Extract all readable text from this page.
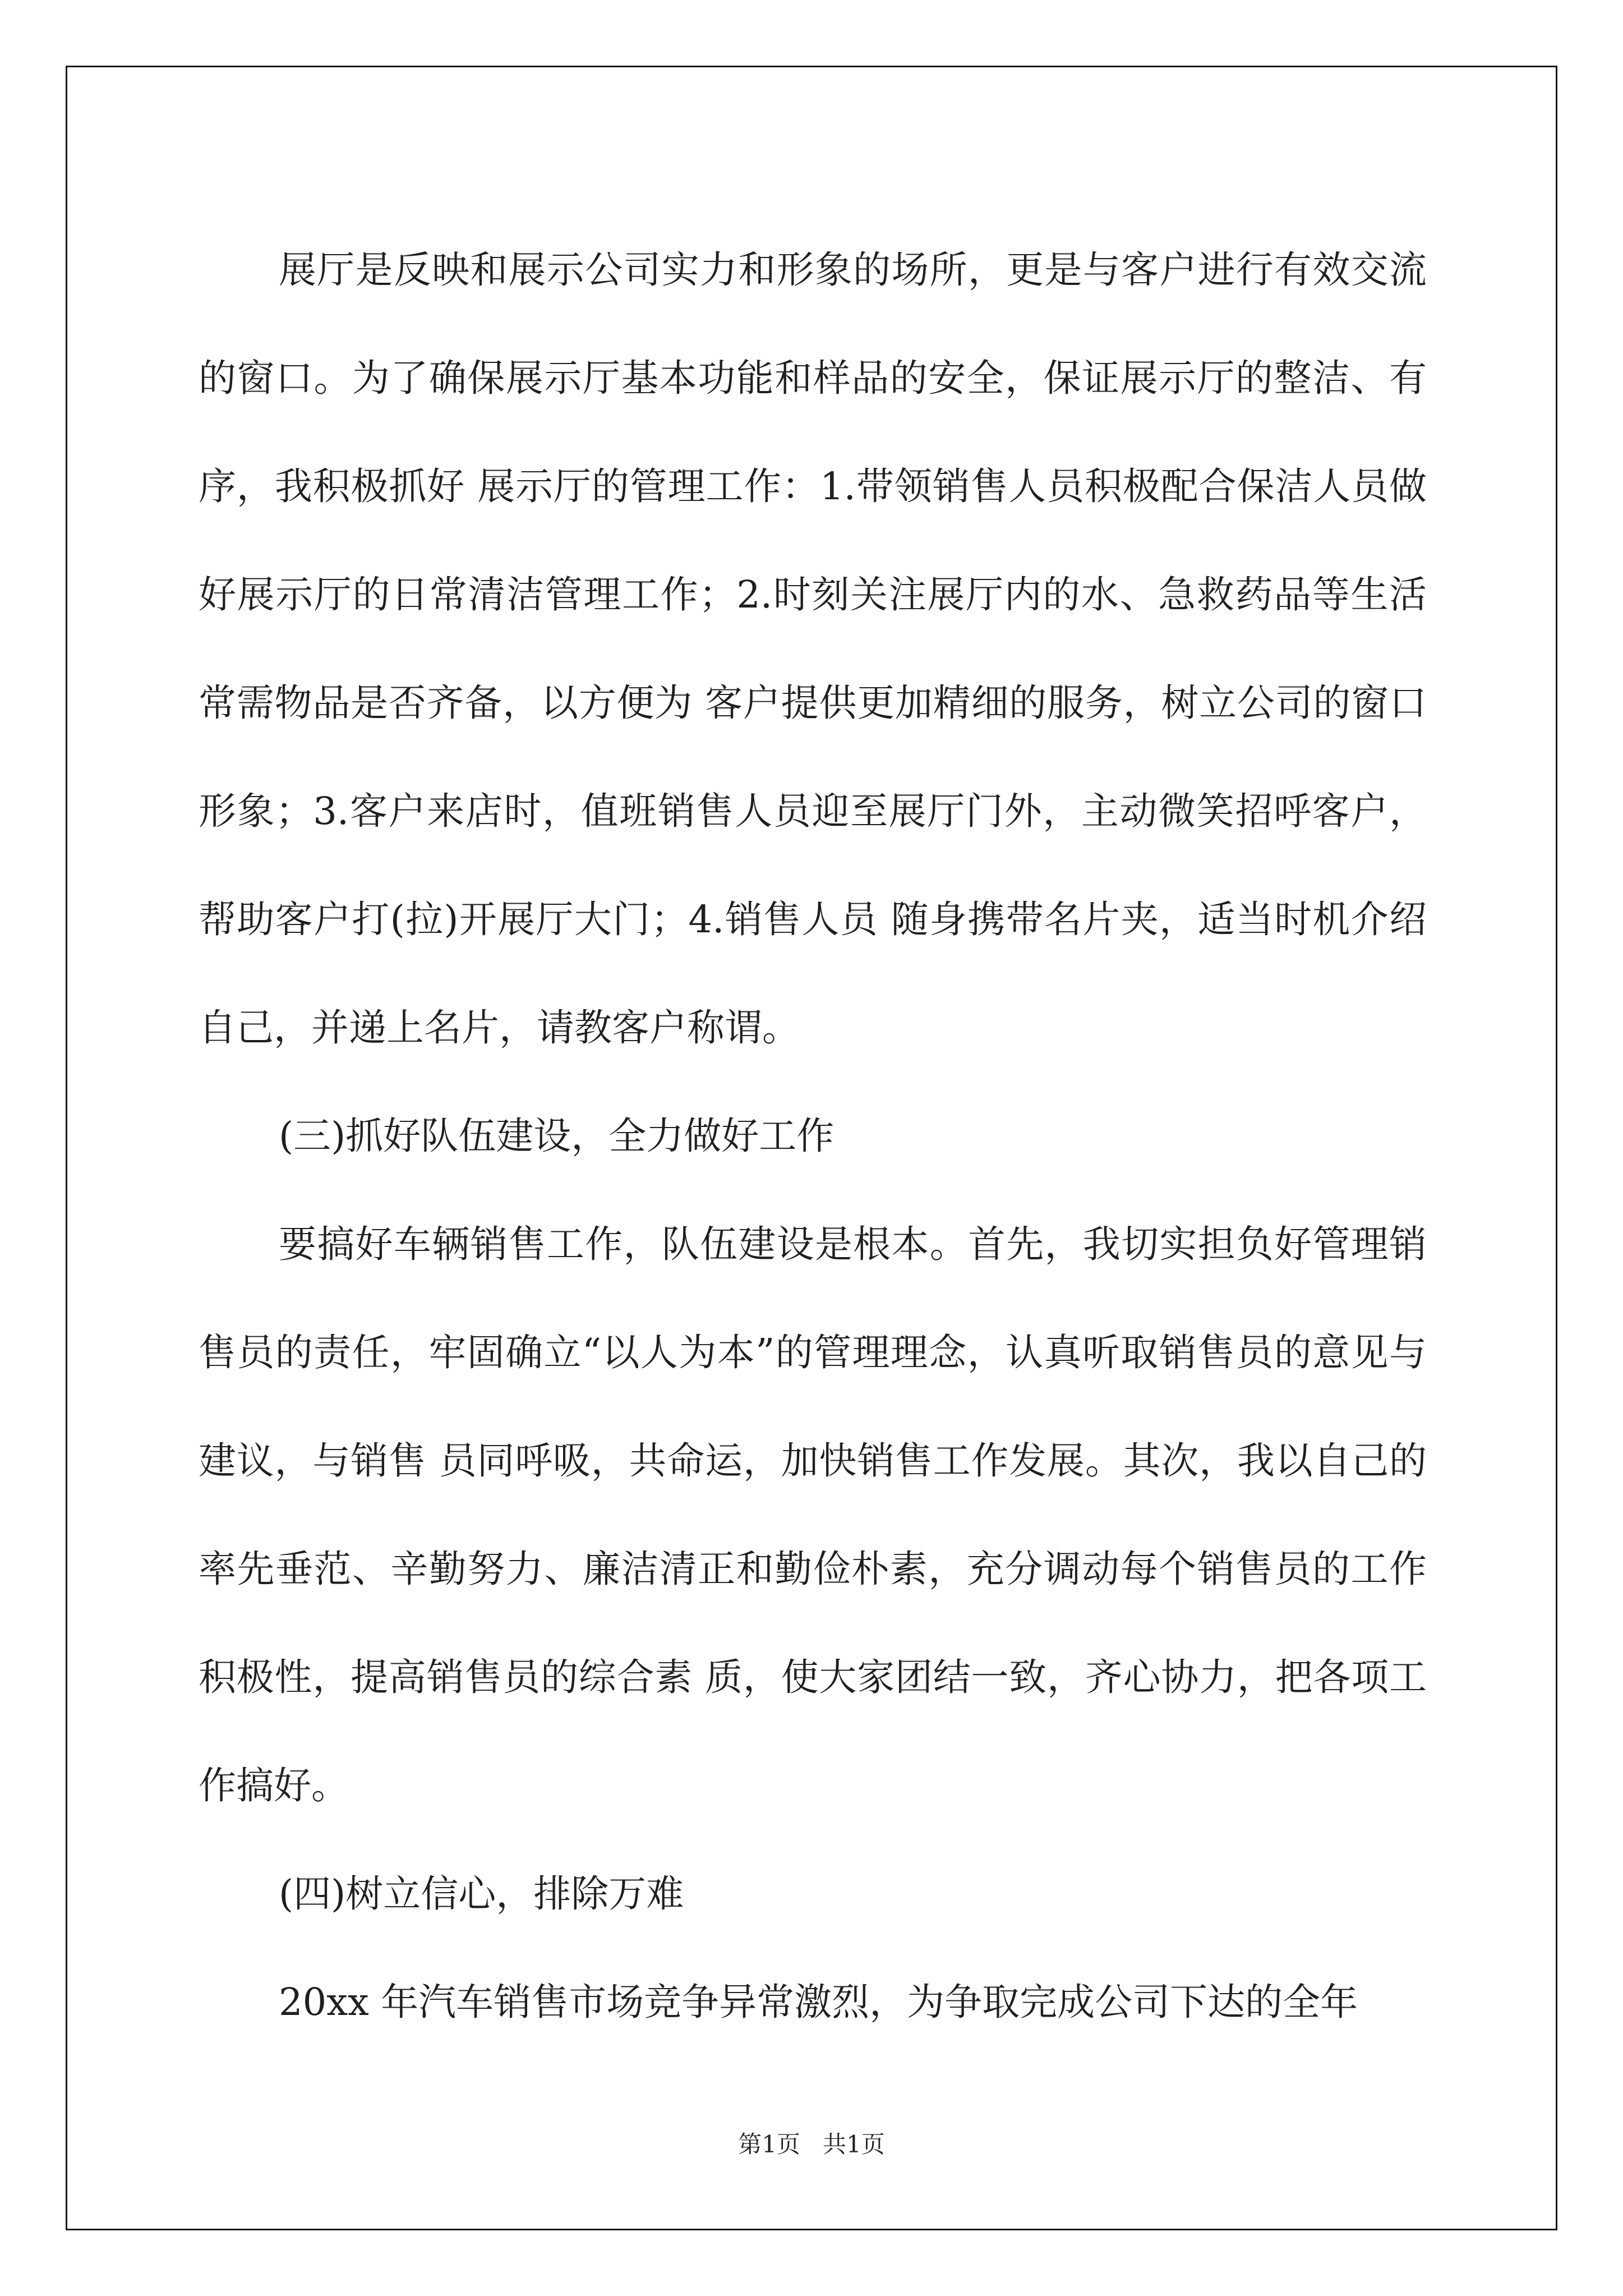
展厅是反映和展示公司实力和形象的场所，更是与客户进行有效交流的窗口。为了确保展示厅基本功能和样品的安全，保证展示厅的整洁、有序，我积极抓好 展示厅的管理工作：1.带领销售人员积极配合保洁人员做好展示厅的日常清洁管理工作；2.时刻关注展厅内的水、急救药品等生活常需物品是否齐备，以方便为 客户提供更加精细的服务，树立公司的窗口形象；3.客户来店时，值班销售人员迎至展厅门外，主动微笑招呼客户，帮助客户打(拉)开展厅大门；4.销售人员 随身携带名片夹，适当时机介绍自己，并递上名片，请教客户称谓。

(三)抓好队伍建设，全力做好工作

要搞好车辆销售工作，队伍建设是根本。首先，我切实担负好管理销售员的责任，牢固确立“以人为本”的管理理念，认真听取销售员的意见与建议，与销售 员同呼吸，共命运，加快销售工作发展。其次，我以自己的率先垂范、辛勤努力、廉洁清正和勤俭朴素，充分调动每个销售员的工作积极性，提高销售员的综合素 质，使大家团结一致，齐心协力，把各项工作搞好。

(四)树立信心，排除万难

20xx 年汽车销售市场竞争异常激烈，为争取完成公司下达的全年

第1页   共1页
